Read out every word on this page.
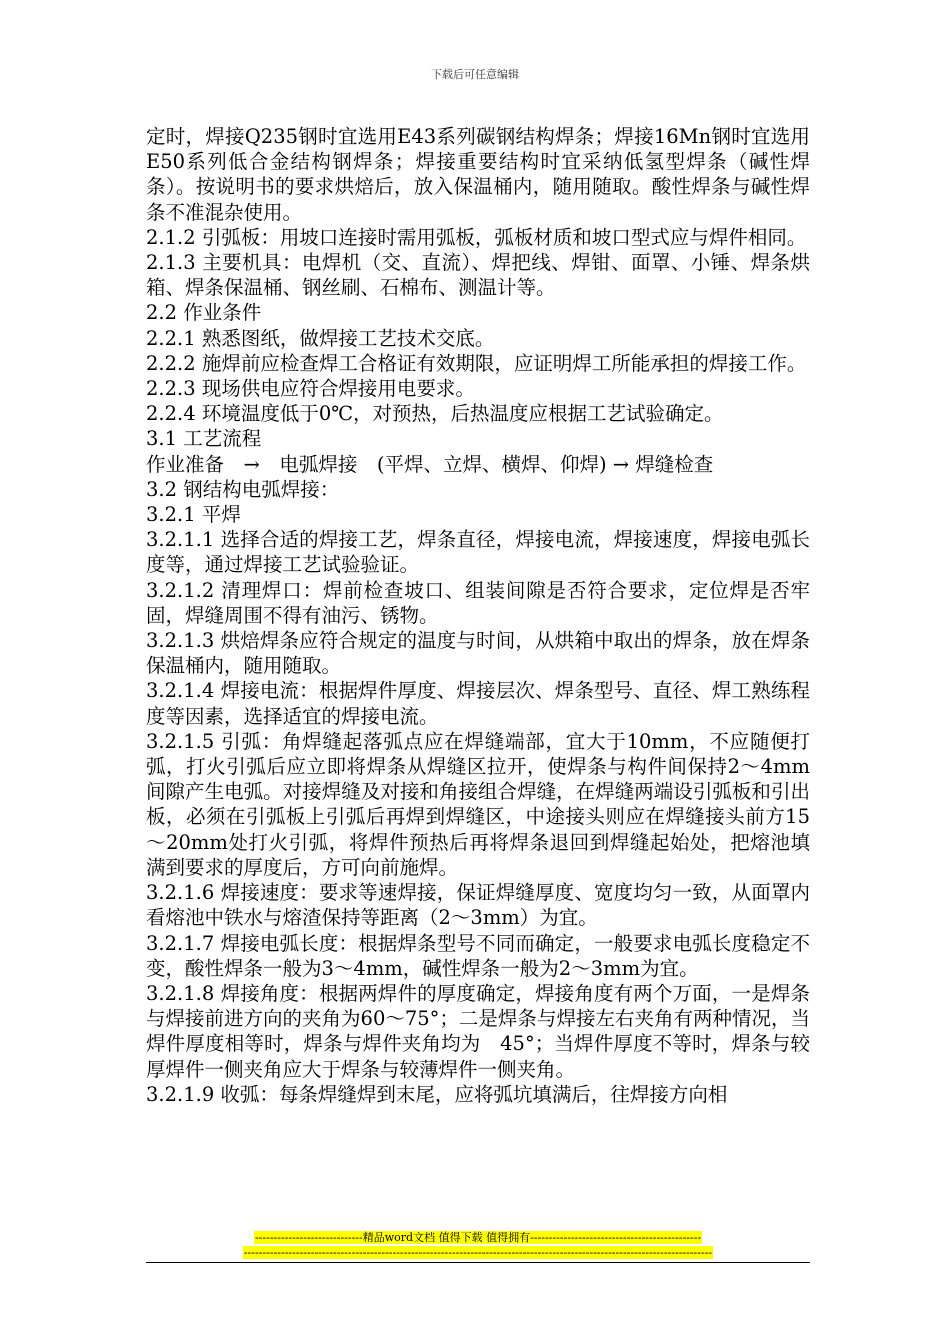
下载后可任意编辑

定时，焊接Q235钢时宜选用E43系列碳钢结构焊条；焊接16Mn钢时宜选用　E50系列低合金结构钢焊条；焊接重要结构时宜采纳低氢型焊条（碱性焊条）。按说明书的要求烘焙后，放入保温桶内，随用随取。酸性焊条与碱性焊条不准混杂使用。

2.1.2 引弧板：用坡口连接时需用弧板，弧板材质和坡口型式应与焊件相同。

2.1.3 主要机具：电焊机（交、直流）、焊把线、焊钳、面罩、小锤、焊条烘箱、焊条保温桶、钢丝刷、石棉布、测温计等。

2.2 作业条件

2.2.1 熟悉图纸，做焊接工艺技术交底。

2.2.2 施焊前应检查焊工合格证有效期限，应证明焊工所能承担的焊接工作。

2.2.3 现场供电应符合焊接用电要求。

2.2.4 环境温度低于0℃，对预热，后热温度应根据工艺试验确定。

3.1 工艺流程

作业准备　→　电弧焊接　(平焊、立焊、横焊、仰焊) → 焊缝检查

3.2 钢结构电弧焊接：

3.2.1 平焊

3.2.1.1 选择合适的焊接工艺，焊条直径，焊接电流，焊接速度，焊接电弧长度等，通过焊接工艺试验验证。

3.2.1.2 清理焊口：焊前检查坡口、组装间隙是否符合要求，定位焊是否牢固，焊缝周围不得有油污、锈物。

3.2.1.3 烘焙焊条应符合规定的温度与时间，从烘箱中取出的焊条，放在焊条保温桶内，随用随取。

3.2.1.4 焊接电流：根据焊件厚度、焊接层次、焊条型号、直径、焊工熟练程度等因素，选择适宜的焊接电流。

3.2.1.5 引弧：角焊缝起落弧点应在焊缝端部，宜大于10mm，不应随便打弧，打火引弧后应立即将焊条从焊缝区拉开，使焊条与构件间保持2～4mm间隙产生电弧。对接焊缝及对接和角接组合焊缝，在焊缝两端设引弧板和引出板，必须在引弧板上引弧后再焊到焊缝区，中途接头则应在焊缝接头前方15～20mm处打火引弧，将焊件预热后再将焊条退回到焊缝起始处，把熔池填满到要求的厚度后，方可向前施焊。

3.2.1.6 焊接速度：要求等速焊接，保证焊缝厚度、宽度均匀一致，从面罩内看熔池中铁水与熔渣保持等距离（2～3mm）为宜。

3.2.1.7 焊接电弧长度：根据焊条型号不同而确定，一般要求电弧长度稳定不变，酸性焊条一般为3～4mm，碱性焊条一般为2～3mm为宜。

3.2.1.8 焊接角度：根据两焊件的厚度确定，焊接角度有两个万面，一是焊条与焊接前进方向的夹角为60～75°；二是焊条与焊接左右夹角有两种情况，当焊件厚度相等时，焊条与焊件夹角均为　45°；当焊件厚度不等时，焊条与较厚焊件一侧夹角应大于焊条与较薄焊件一侧夹角。

3.2.1.9 收弧：每条焊缝焊到末尾，应将弧坑填满后，往焊接方向相

-----------------------------精品word文档 值得下载 值得拥有----------------------------------------------
------------------------------------------------------------------------------------------------------------------------------
